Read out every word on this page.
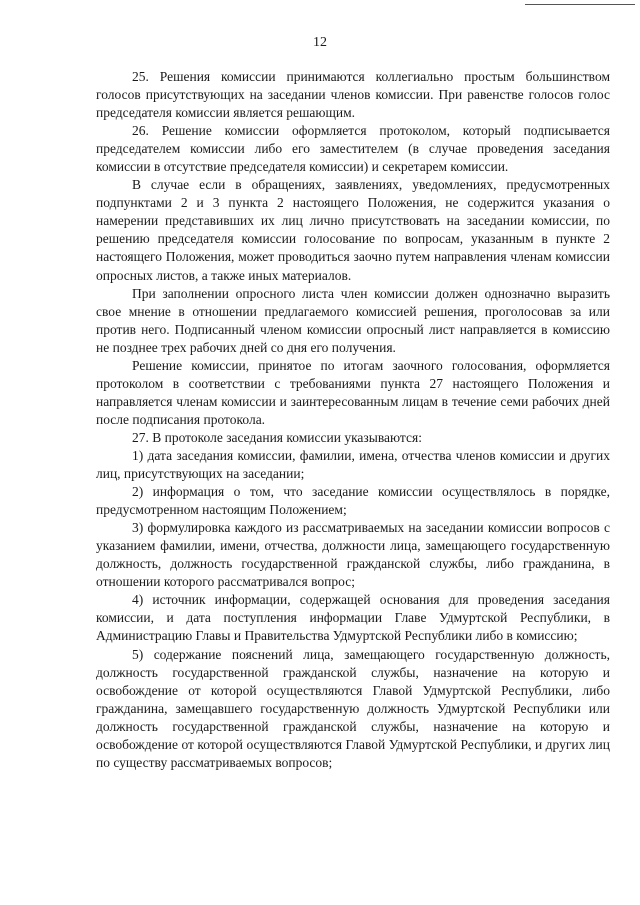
12

25. Решения комиссии принимаются коллегиально простым большинством голосов присутствующих на заседании членов комиссии. При равенстве голосов голос председателя комиссии является решающим.

26. Решение комиссии оформляется протоколом, который подписывается председателем комиссии либо его заместителем (в случае проведения заседания комиссии в отсутствие председателя комиссии) и секретарем комиссии.

В случае если в обращениях, заявлениях, уведомлениях, предусмотренных подпунктами 2 и 3 пункта 2 настоящего Положения, не содержится указания о намерении представивших их лиц лично присутствовать на заседании комиссии, по решению председателя комиссии голосование по вопросам, указанным в пункте 2 настоящего Положения, может проводиться заочно путем направления членам комиссии опросных листов, а также иных материалов.

При заполнении опросного листа член комиссии должен однозначно выразить свое мнение в отношении предлагаемого комиссией решения, проголосовав за или против него. Подписанный членом комиссии опросный лист направляется в комиссию не позднее трех рабочих дней со дня его получения.

Решение комиссии, принятое по итогам заочного голосования, оформляется протоколом в соответствии с требованиями пункта 27 настоящего Положения и направляется членам комиссии и заинтересованным лицам в течение семи рабочих дней после подписания протокола.

27. В протоколе заседания комиссии указываются:

1) дата заседания комиссии, фамилии, имена, отчества членов комиссии и других лиц, присутствующих на заседании;

2) информация о том, что заседание комиссии осуществлялось в порядке, предусмотренном настоящим Положением;

3) формулировка каждого из рассматриваемых на заседании комиссии вопросов с указанием фамилии, имени, отчества, должности лица, замещающего государственную должность, должность государственной гражданской службы, либо гражданина, в отношении которого рассматривался вопрос;

4) источник информации, содержащей основания для проведения заседания комиссии, и дата поступления информации Главе Удмуртской Республики, в Администрацию Главы и Правительства Удмуртской Республики либо в комиссию;

5) содержание пояснений лица, замещающего государственную должность, должность государственной гражданской службы, назначение на которую и освобождение от которой осуществляются Главой Удмуртской Республики, либо гражданина, замещавшего государственную должность Удмуртской Республики или должность государственной гражданской службы, назначение на которую и освобождение от которой осуществляются Главой Удмуртской Республики, и других лиц по существу рассматриваемых вопросов;
